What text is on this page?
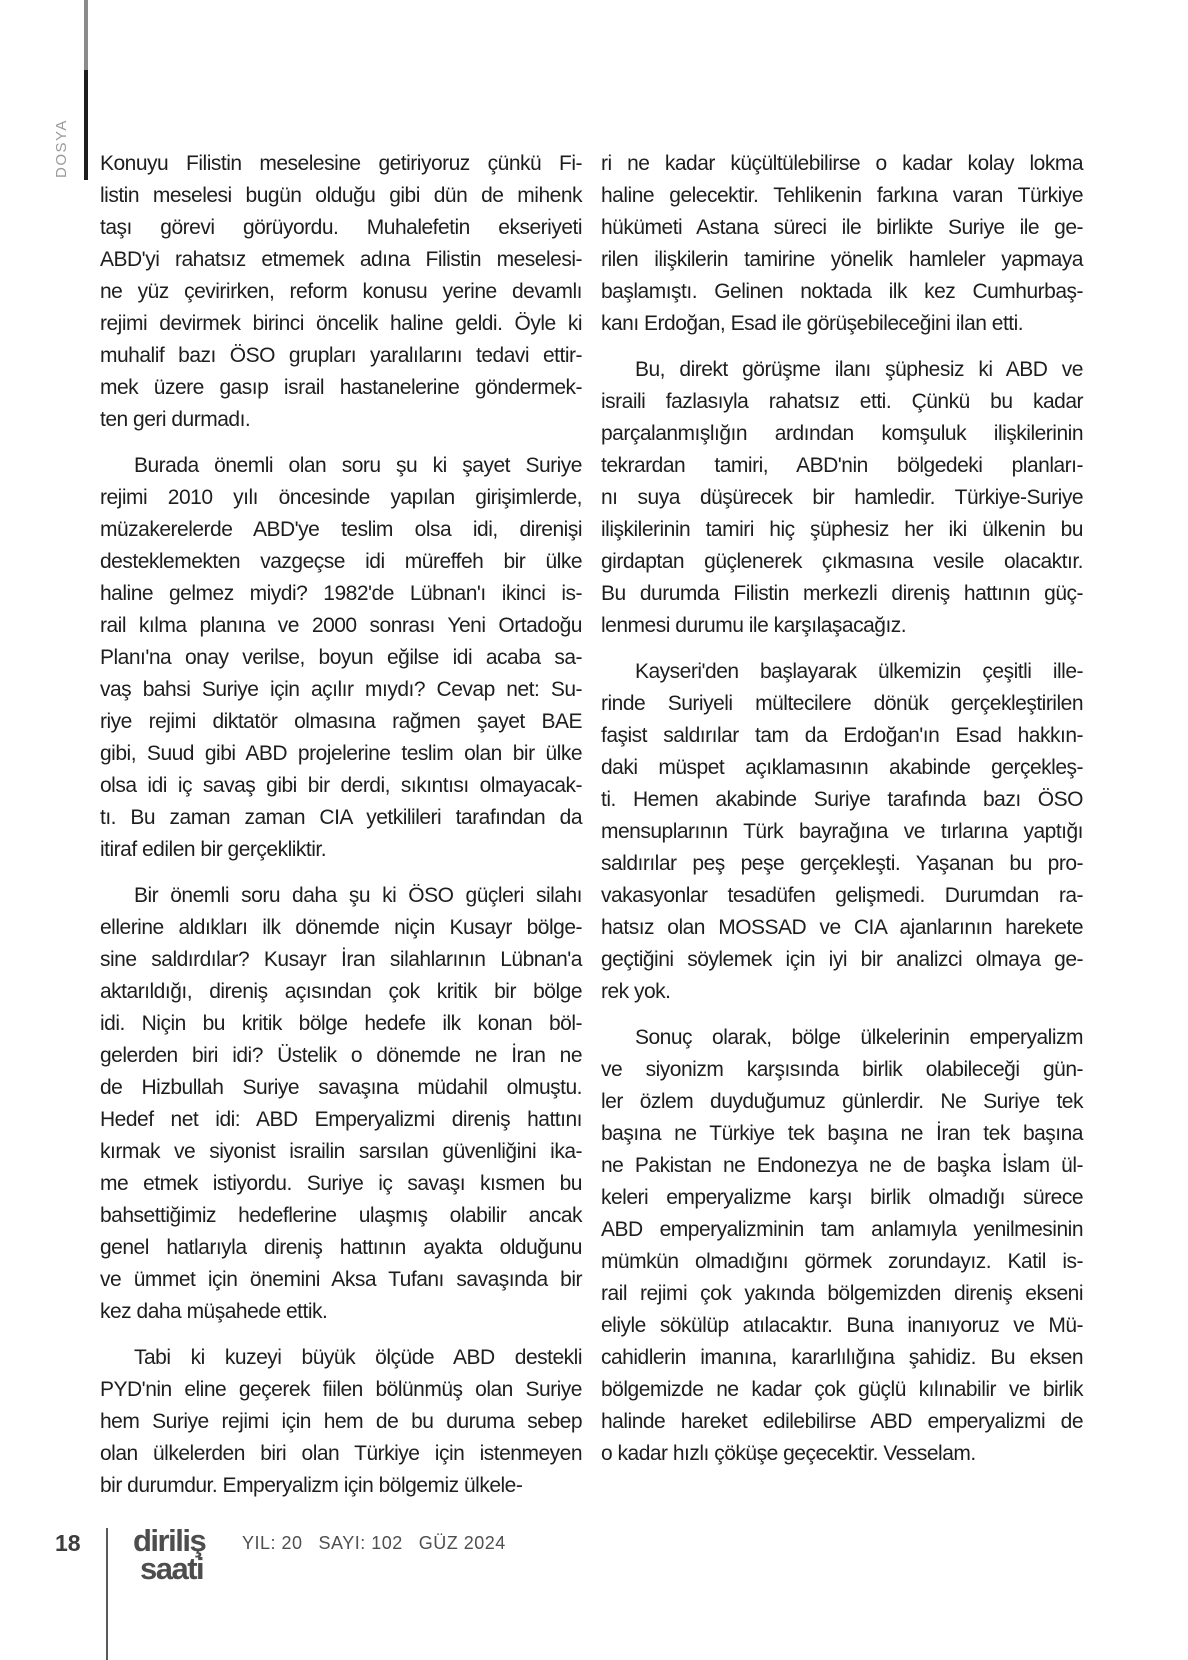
DOSYA Konuyu Filistin meselesine getiriyoruz çünkü Fi-
listin meselesi bugün olduğu gibi dün de mihenk
taşı görevi görüyordu. Muhalefetin ekseriyeti
ABD'yi rahatsız etmemek adına Filistin meselesi-
ne yüz çevirirken, reform konusu yerine devamlı
rejimi devirmek birinci öncelik haline geldi. Öyle ki
muhalif bazı ÖSO grupları yaralılarını tedavi ettir-
mek üzere gasıp israil hastanelerine göndermek-
ten geri durmadı.
Burada önemli olan soru şu ki şayet Suriye
rejimi 2010 yılı öncesinde yapılan girişimlerde,
müzakerelerde ABD'ye teslim olsa idi, direnişi
desteklemekten vazgeçse idi müreffeh bir ülke
haline gelmez miydi? 1982'de Lübnan'ı ikinci is-
rail kılma planına ve 2000 sonrası Yeni Ortadoğu
Planı'na onay verilse, boyun eğilse idi acaba sa-
vaş bahsi Suriye için açılır mıydı? Cevap net: Su-
riye rejimi diktatör olmasına rağmen şayet BAE
gibi, Suud gibi ABD projelerine teslim olan bir ülke
olsa idi iç savaş gibi bir derdi, sıkıntısı olmayacak-
tı. Bu zaman zaman CIA yetkilileri tarafından da
itiraf edilen bir gerçekliktir.
Bir önemli soru daha şu ki ÖSO güçleri silahı
ellerine aldıkları ilk dönemde niçin Kusayr bölge-
sine saldırdılar? Kusayr İran silahlarının Lübnan'a
aktarıldığı, direniş açısından çok kritik bir bölge
idi. Niçin bu kritik bölge hedefe ilk konan böl-
gelerden biri idi? Üstelik o dönemde ne İran ne
de Hizbullah Suriye savaşına müdahil olmuştu.
Hedef net idi: ABD Emperyalizmi direniş hattını
kırmak ve siyonist israilin sarsılan güvenliğini ika-
me etmek istiyordu. Suriye iç savaşı kısmen bu
bahsettiğimiz hedeflerine ulaşmış olabilir ancak
genel hatlarıyla direniş hattının ayakta olduğunu
ve ümmet için önemini Aksa Tufanı savaşında bir
kez daha müşahede ettik.
Tabi ki kuzeyi büyük ölçüde ABD destekli
PYD'nin eline geçerek fiilen bölünmüş olan Suriye
hem Suriye rejimi için hem de bu duruma sebep
olan ülkelerden biri olan Türkiye için istenmeyen
bir durumdur. Emperyalizm için bölgemiz ülkele-
ri ne kadar küçültülebilirse o kadar kolay lokma
haline gelecektir. Tehlikenin farkına varan Türkiye
hükümeti Astana süreci ile birlikte Suriye ile ge-
rilen ilişkilerin tamirine yönelik hamleler yapmaya
başlamıştı. Gelinen noktada ilk kez Cumhurbaş-
kanı Erdoğan, Esad ile görüşebileceğini ilan etti.
Bu, direkt görüşme ilanı şüphesiz ki ABD ve
israili fazlasıyla rahatsız etti. Çünkü bu kadar
parçalanmışlığın ardından komşuluk ilişkilerinin
tekrardan tamiri, ABD'nin bölgedeki planları-
nı suya düşürecek bir hamledir. Türkiye-Suriye
ilişkilerinin tamiri hiç şüphesiz her iki ülkenin bu
girdaptan güçlenerek çıkmasına vesile olacaktır.
Bu durumda Filistin merkezli direniş hattının güç-
lenmesi durumu ile karşılaşacağız.
Kayseri'den başlayarak ülkemizin çeşitli ille-
rinde Suriyeli mültecilere dönük gerçekleştirilen
faşist saldırılar tam da Erdoğan'ın Esad hakkın-
daki müspet açıklamasının akabinde gerçekleş-
ti. Hemen akabinde Suriye tarafında bazı ÖSO
mensuplarının Türk bayrağına ve tırlarına yaptığı
saldırılar peş peşe gerçekleşti. Yaşanan bu pro-
vakasyonlar tesadüfen gelişmedi. Durumdan ra-
hatsız olan MOSSAD ve CIA ajanlarının harekete
geçtiğini söylemek için iyi bir analizci olmaya ge-
rek yok.
Sonuç olarak, bölge ülkelerinin emperyalizm
ve siyonizm karşısında birlik olabileceği gün-
ler özlem duyduğumuz günlerdir. Ne Suriye tek
başına ne Türkiye tek başına ne İran tek başına
ne Pakistan ne Endonezya ne de başka İslam ül-
keleri emperyalizme karşı birlik olmadığı sürece
ABD emperyalizminin tam anlamıyla yenilmesinin
mümkün olmadığını görmek zorundayız. Katil is-
rail rejimi çok yakında bölgemizden direniş ekseni
eliyle sökülüp atılacaktır. Buna inanıyoruz ve Mü-
cahidlerin imanına, kararlılığına şahidiz. Bu eksen
bölgemizde ne kadar çok güçlü kılınabilir ve birlik
halinde hareket edilebilirse ABD emperyalizmi de
o kadar hızlı çöküşe geçecektir. Vesselam.
18 diriliş
saati
YIL: 20 SAYI: 102 GÜZ 2024
